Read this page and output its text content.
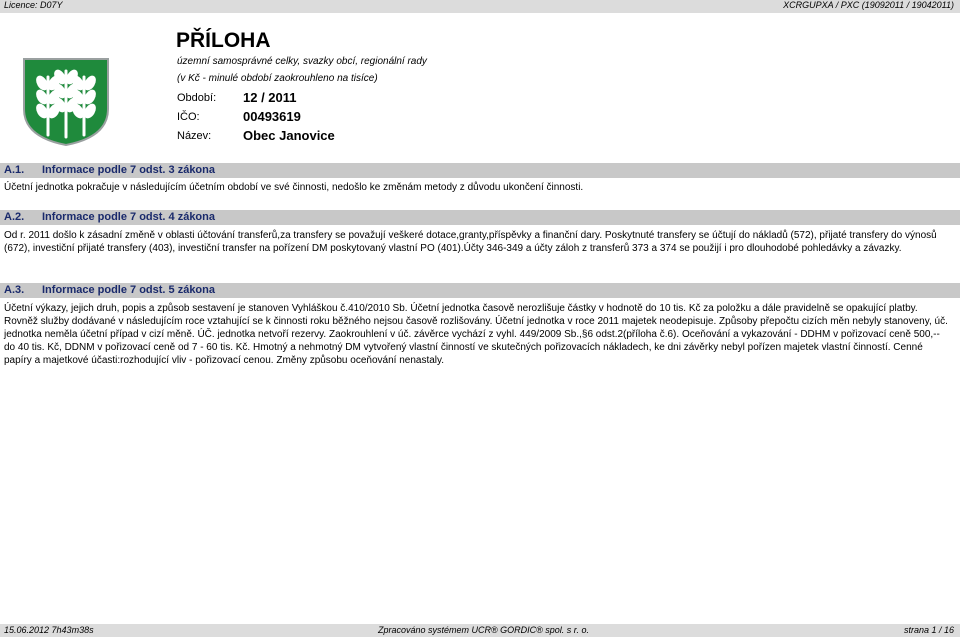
Licence: D07Y	XCRGUPXA / PXC (19092011 / 19042011)
PŘÍLOHA
územní samosprávné celky, svazky obcí, regionální rady
(v Kč - minulé období zaokrouhleno na tisíce)
Období:	12 / 2011
IČO:	00493619
Název:	Obec Janovice
A.1. Informace podle 7 odst. 3 zákona
Účetní jednotka pokračuje v následujícím účetním období ve své činnosti, nedošlo ke změnám metody z důvodu ukončení činnosti.
A.2. Informace podle 7 odst. 4 zákona
Od r. 2011 došlo k zásadní změně v oblasti účtování transferů,za transfery se považují veškeré dotace,granty,příspěvky a finanční dary. Poskytnuté transfery se účtují do nákladů (572), přijaté transfery do výnosů (672), investiční přijaté transfery (403), investiční transfer na pořízení DM poskytovaný vlastní PO (401).Účty 346-349 a účty záloh z transferů 373 a 374 se použijí i pro dlouhodobé pohledávky a závazky.
A.3. Informace podle 7 odst. 5 zákona
Účetní výkazy, jejich druh, popis a způsob sestavení je stanoven Vyhláškou č.410/2010 Sb. Účetní jednotka časově nerozlišuje částky v hodnotě do 10 tis. Kč za položku a dále pravidelně se opakující platby. Rovněž služby dodávané v následujícím roce vztahující se k činnosti roku běžného nejsou časově rozlišovány. Účetní jednotka v roce 2011 majetek neodepisuje. Způsoby přepočtu cizích měn nebyly stanoveny, úč. jednotka neměla účetní případ v cizí měně. ÚČ. jednotka netvoří rezervy. Zaokrouhlení v úč. závěrce vychází z vyhl. 449/2009 Sb.,§6 odst.2(příloha č.6). Oceňování a vykazování - DDHM v pořizovací ceně 500,-- do 40 tis. Kč, DDNM v pořizovací ceně od 7 - 60 tis. Kč. Hmotný a nehmotný DM vytvořený vlastní činností ve skutečných pořizovacích nákladech, ke dni závěrky nebyl pořízen majetek vlastní činností. Cenné papíry a majetkové účasti:rozhodující vliv - pořizovací cenou. Změny způsobu oceňování nenastaly.
15.06.2012 7h43m38s	Zpracováno systémem UCR® GORDIC® spol. s r. o.	strana 1 / 16
